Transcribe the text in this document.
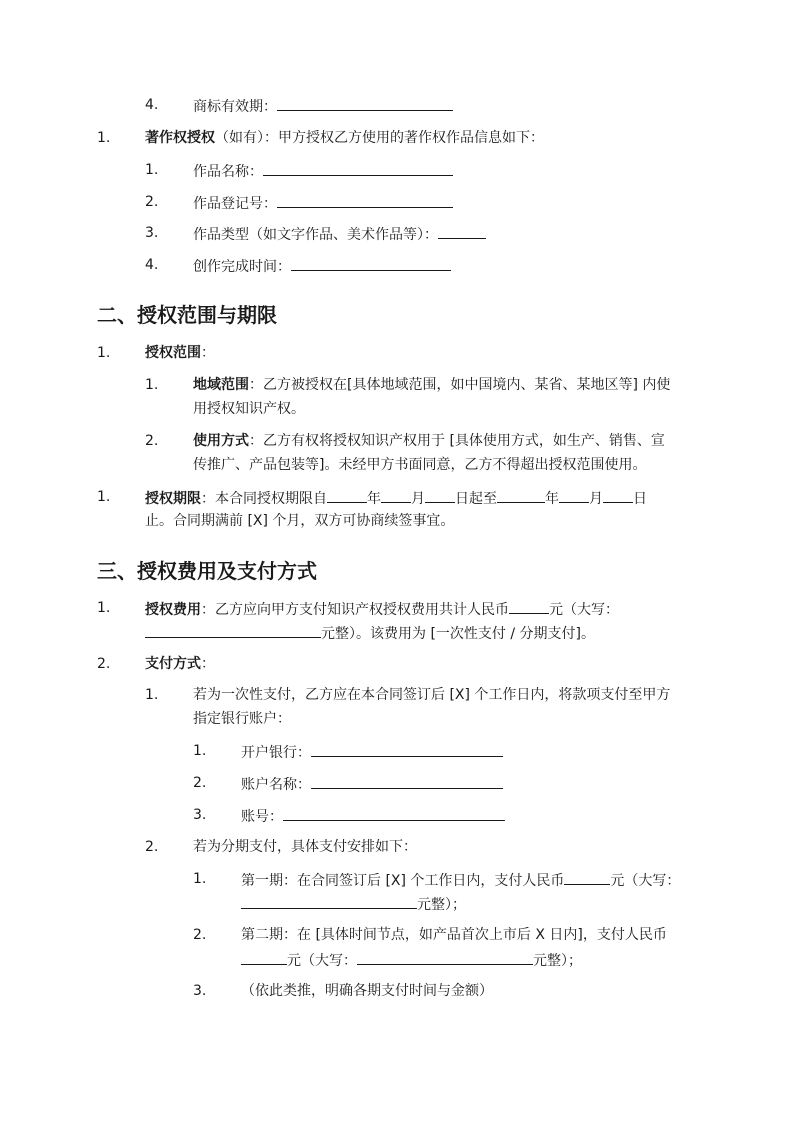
4. 商标有效期：
1. 著作权授权（如有）：甲方授权乙方使用的著作权作品信息如下：
1. 作品名称：
2. 作品登记号：
3. 作品类型（如文字作品、美术作品等）：
4. 创作完成时间：
二、授权范围与期限
1. 授权范围：
1. 地域范围：乙方被授权在[具体地域范围，如中国境内、某省、某地区等] 内使
用授权知识产权。
2. 使用方式：乙方有权将授权知识产权用于 [具体使用方式，如生产、销售、宣
传推广、产品包装等]。未经甲方书面同意，乙方不得超出授权范围使用。
1. 授权期限：本合同授权期限自	年 月 日起至	年 月 日
止。合同期满前 [X] 个月，双方可协商续签事宜。
三、授权费用及支付方式
1. 授权费用：乙方应向甲方支付知识产权授权费用共计人民币	元（大写：
元整）。该费用为 [一次性支付 / 分期支付]。
2. 支付方式：
1. 若为一次性支付，乙方应在本合同签订后 [X] 个工作日内，将款项支付至甲方
指定银行账户：
1. 开户银行：
2. 账户名称：
3. 账号：
2. 若为分期支付，具体支付安排如下：
1. 第一期：在合同签订后 [X] 个工作日内，支付人民币	元（大写：
元整）；
2. 第二期：在 [具体时间节点，如产品首次上市后 X 日内]，支付人民币
元（大写：	元整）；
3. （依此类推，明确各期支付时间与金额）
